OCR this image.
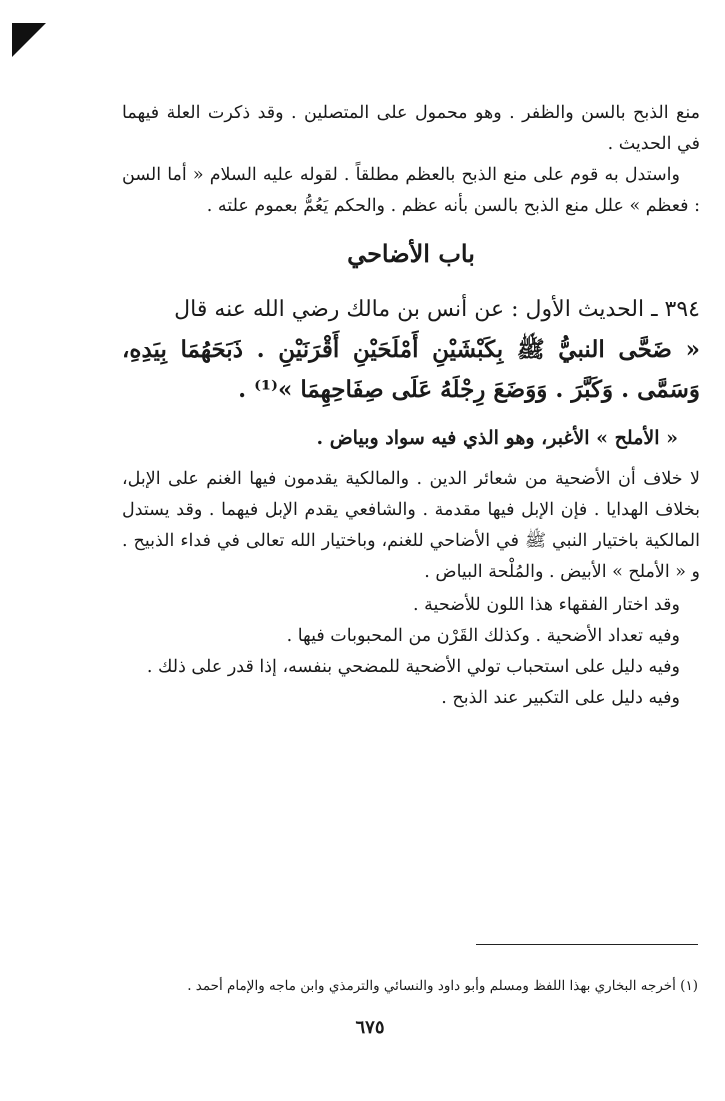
منع الذبح بالسن والظفر . وهو محمول على المتصلين . وقد ذكرت العلة فيهما في الحديث .

واستدل به قوم على منع الذبح بالعظم مطلقاً . لقوله عليه السلام « أما السن : فعظم » علل منع الذبح بالسن بأنه عظم . والحكم يَعُمُّ بعموم علته .

باب الأضاحي

٣٩٤ ـ الحديث الأول : عن أنس بن مالك رضي الله عنه قال

« ضَحَّى النبيُّ ﷺ بِكَبْشَيْنِ أَمْلَحَيْنِ أَقْرَنَيْنِ . ذَبَحَهُمَا بِيَدِهِ، وَسَمَّى . وَكَبَّرَ . وَوَضَعَ رِجْلَهُ عَلَى صِفَاحِهِمَا »⁽¹⁾ .

« الأملح » الأغبر، وهو الذي فيه سواد وبياض .

لا خلاف أن الأضحية من شعائر الدين . والمالكية يقدمون فيها الغنم على الإبل، بخلاف الهدايا . فإن الإبل فيها مقدمة . والشافعي يقدم الإبل فيهما . وقد يستدل المالكية باختيار النبي ﷺ في الأضاحي للغنم، وباختيار الله تعالى في فداء الذبيح . و « الأملح » الأبيض . والمُلْحة البياض .

وقد اختار الفقهاء هذا اللون للأضحية .

وفيه تعداد الأضحية . وكذلك القَرْن من المحبوبات فيها .

وفيه دليل على استحباب تولي الأضحية للمضحي بنفسه، إذا قدر على ذلك .

وفيه دليل على التكبير عند الذبح .

(١) أخرجه البخاري بهذا اللفظ ومسلم وأبو داود والنسائي والترمذي وابن ماجه والإمام أحمد .

٦٧٥
